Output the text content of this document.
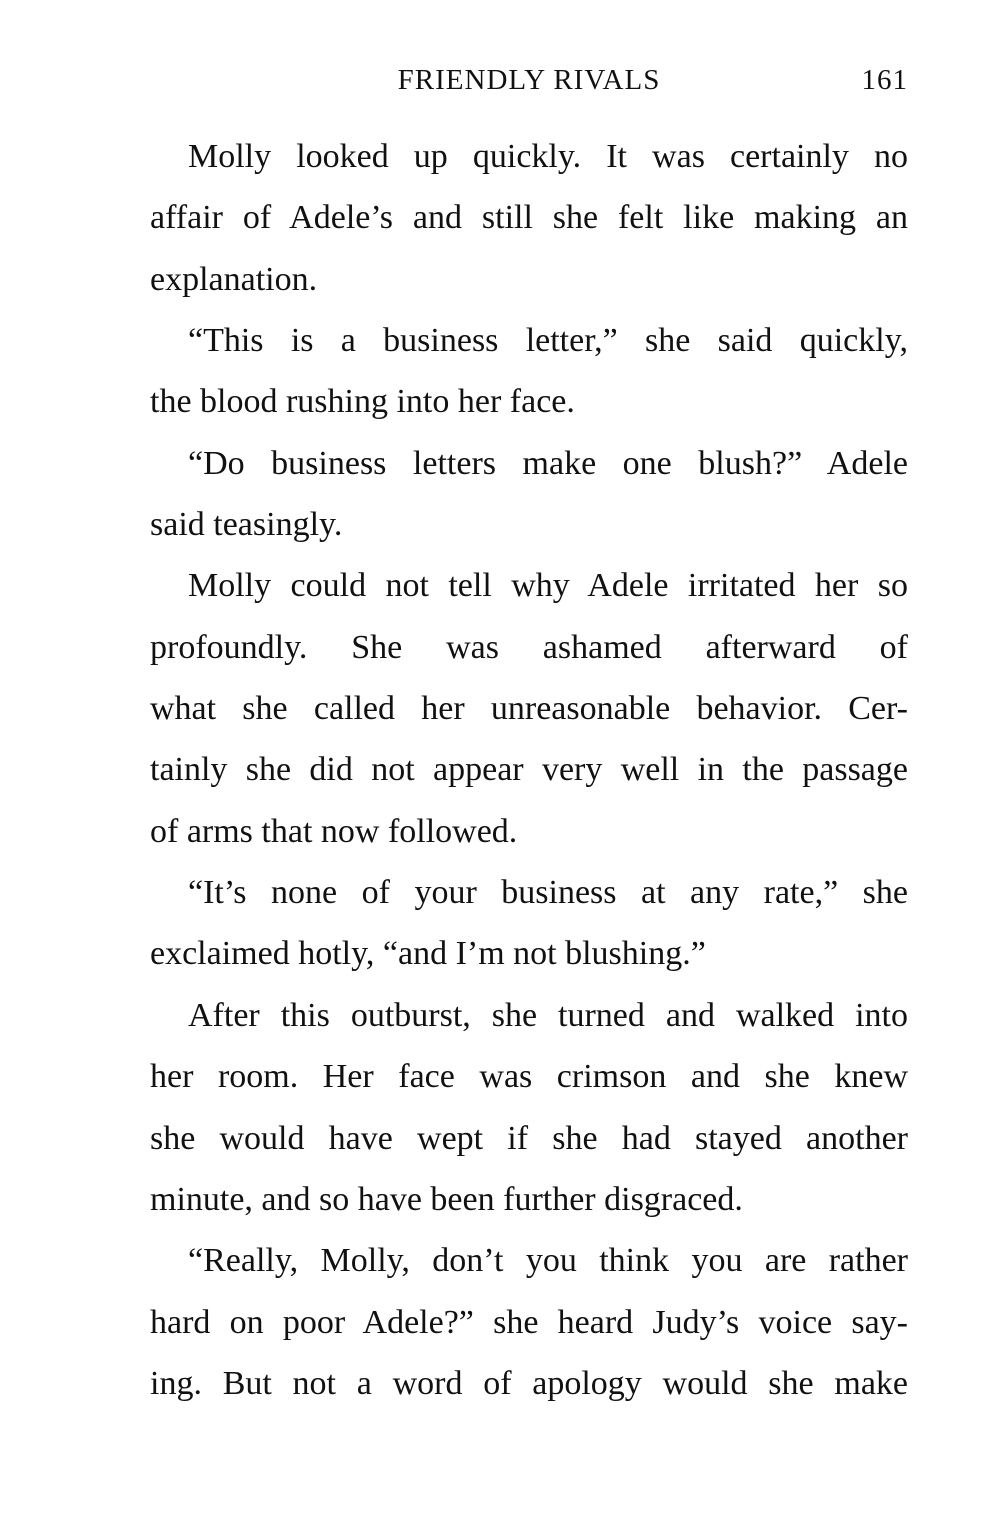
FRIENDLY RIVALS	161
Molly looked up quickly. It was certainly no
affair of Adele’s and still she felt like making an
explanation.
“This is a business letter,” she said quickly,
the blood rushing into her face.
“Do business letters make one blush?” Adele
said teasingly.
Molly could not tell why Adele irritated her so
profoundly. She was ashamed afterward of
what she called her unreasonable behavior. Cer-
tainly she did not appear very well in the passage
of arms that now followed.
“It’s none of your business at any rate,” she
exclaimed hotly, “and I’m not blushing.”
After this outburst, she turned and walked into
her room. Her face was crimson and she knew
she would have wept if she had stayed another
minute, and so have been further disgraced.
“Really, Molly, don’t you think you are rather
hard on poor Adele?” she heard Judy’s voice say-
ing. But not a word of apology would she make
